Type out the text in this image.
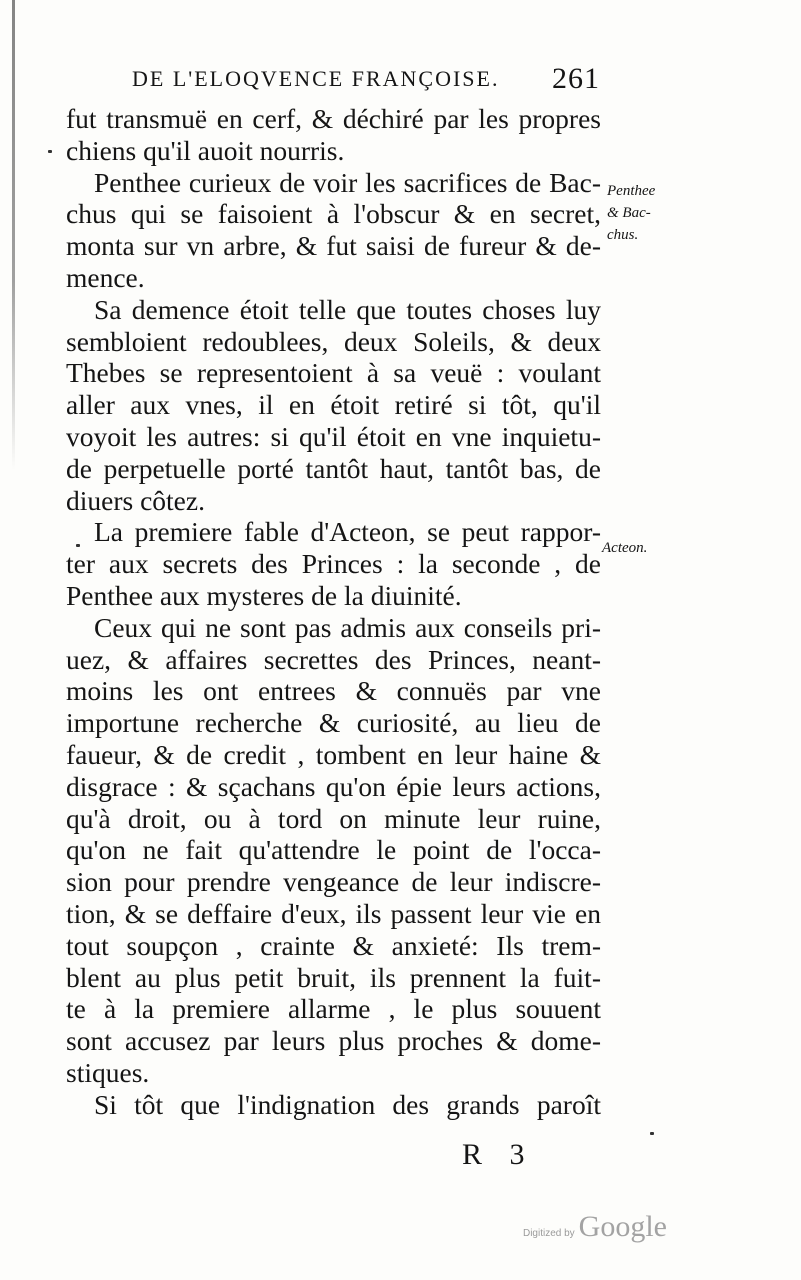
DE L'ELOQVENCE FRANÇOISE. 261
fut transmuë en cerf, & déchiré par les propres
chiens qu'il auoit nourris.
Penthee curieux de voir les sacrifices de Bac-
chus qui se faisoient à l'obscur & en secret,
monta sur vn arbre, & fut saisi de fureur & de-
mence.
Sa demence étoit telle que toutes choses luy
sembloient redoublees, deux Soleils, & deux
Thebes se representoient à sa veuë : voulant
aller aux vnes, il en étoit retiré si tôt, qu'il
voyoit les autres: si qu'il étoit en vne inquietu-
de perpetuelle porté tantôt haut, tantôt bas, de
diuers côtez.
La premiere fable d'Acteon, se peut rappor-
ter aux secrets des Princes : la seconde , de
Penthee aux mysteres de la diuinité.
Ceux qui ne sont pas admis aux conseils pri-
uez, & affaires secrettes des Princes, neant-
moins les ont entrees & connuës par vne
importune recherche & curiosité, au lieu de
faueur, & de credit , tombent en leur haine &
disgrace : & sçachans qu'on épie leurs actions,
qu'à droit, ou à tord on minute leur ruine,
qu'on ne fait qu'attendre le point de l'occa-
sion pour prendre vengeance de leur indiscre-
tion, & se deffaire d'eux, ils passent leur vie en
tout soupçon , crainte & anxieté: Ils trem-
blent au plus petit bruit, ils prennent la fuit-
te à la premiere allarme , le plus souuent
sont accusez par leurs plus proches & dome-
stiques.
Si tôt que l'indignation des grands paroît
Penthee
& Bac-
chus.
Acteon.
R 3
Digitized by Google
